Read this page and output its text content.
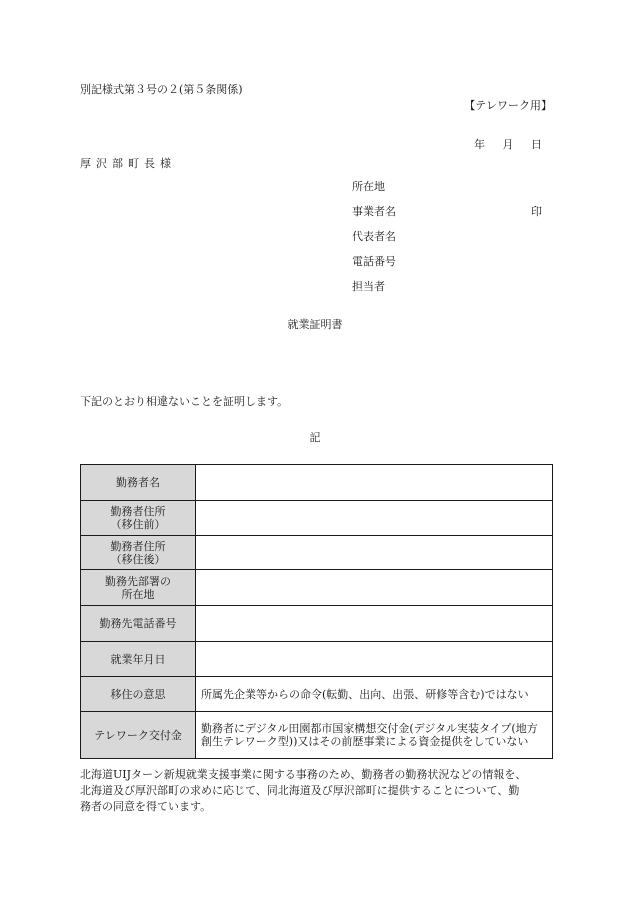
別記様式第３号の２(第５条関係)
【テレワーク用】
年 月 日
厚沢部町長様
所在地
事業者名	印
代表者名
電話番号
担当者
就業証明書
下記のとおり相違ないことを証明します。
記
勤務者名	

勤務者住所
（移住前）	

勤務者住所
（移住後）	

勤務先部署の
所在地	

勤務先電話番号	

就業年月日	

移住の意思	所属先企業等からの命令(転勤、出向、出張、研修等含む)ではない

テレワーク交付金	勤務者にデジタル田園都市国家構想交付金(デジタル実装タイプ(地方創生テレワーク型))又はその前歴事業による資金提供をしていない
北海道UIJターン新規就業支援事業に関する事務のため、勤務者の勤務状況などの情報を、
北海道及び厚沢部町の求めに応じて、同北海道及び厚沢部町に提供することについて、勤
務者の同意を得ています。
